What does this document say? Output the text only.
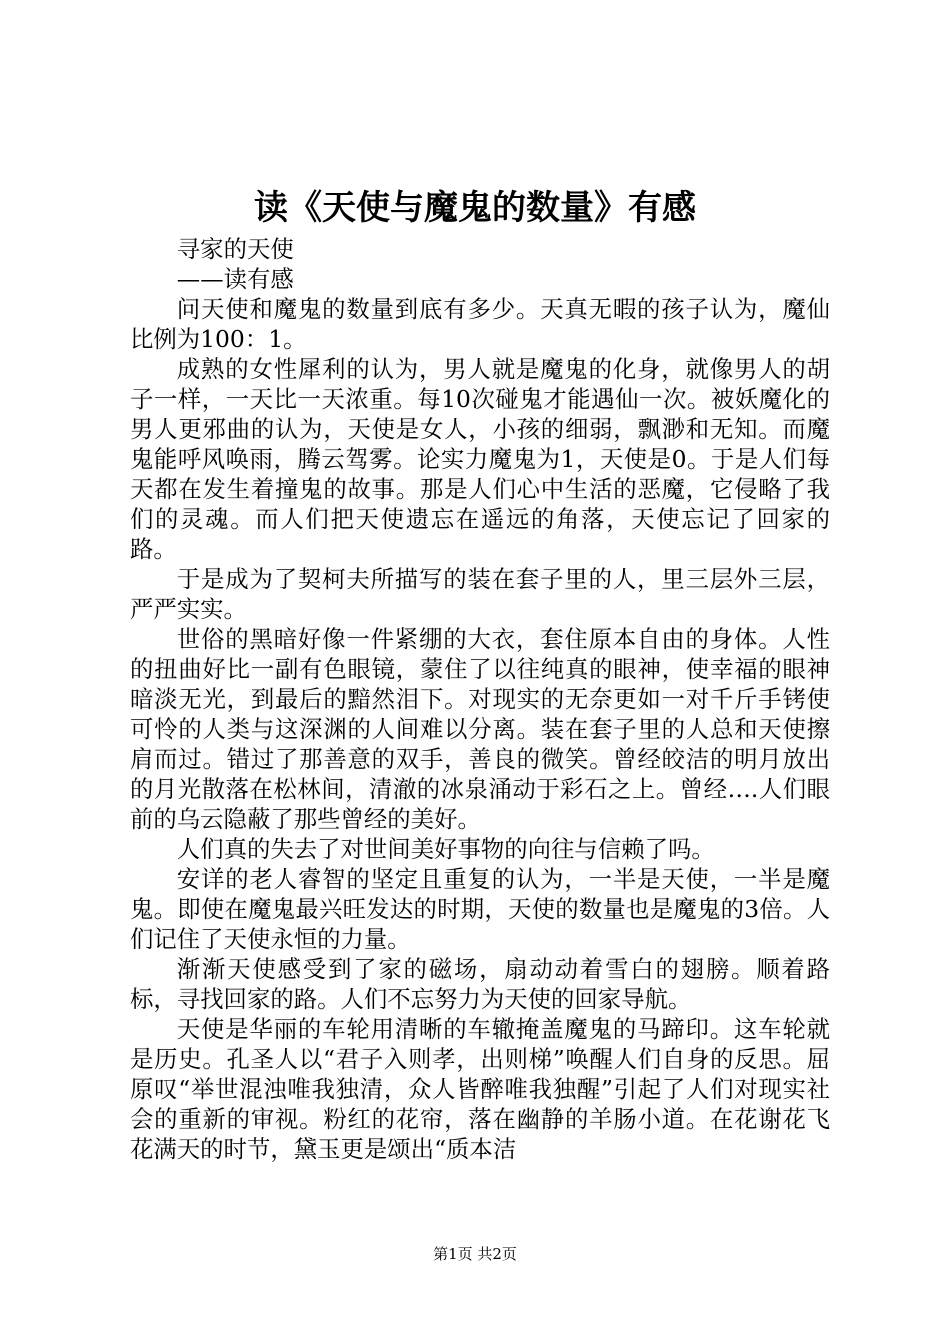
读《天使与魔鬼的数量》有感

寻家的天使

——读有感

问天使和魔鬼的数量到底有多少。天真无暇的孩子认为，魔仙比例为100：1。

成熟的女性犀利的认为，男人就是魔鬼的化身，就像男人的胡子一样，一天比一天浓重。每10次碰鬼才能遇仙一次。被妖魔化的男人更邪曲的认为，天使是女人，小孩的细弱，飘渺和无知。而魔鬼能呼风唤雨，腾云驾雾。论实力魔鬼为1，天使是0。于是人们每天都在发生着撞鬼的故事。那是人们心中生活的恶魔，它侵略了我们的灵魂。而人们把天使遗忘在遥远的角落，天使忘记了回家的路。

于是成为了契柯夫所描写的装在套子里的人，里三层外三层，严严实实。

世俗的黑暗好像一件紧绷的大衣，套住原本自由的身体。人性的扭曲好比一副有色眼镜，蒙住了以往纯真的眼神，使幸福的眼神暗淡无光，到最后的黯然泪下。对现实的无奈更如一对千斤手铐使可怜的人类与这深渊的人间难以分离。装在套子里的人总和天使擦肩而过。错过了那善意的双手，善良的微笑。曾经皎洁的明月放出的月光散落在松林间，清澈的冰泉涌动于彩石之上。曾经….人们眼前的乌云隐蔽了那些曾经的美好。

人们真的失去了对世间美好事物的向往与信赖了吗。

安详的老人睿智的坚定且重复的认为，一半是天使，一半是魔鬼。即使在魔鬼最兴旺发达的时期，天使的数量也是魔鬼的3倍。人们记住了天使永恒的力量。

渐渐天使感受到了家的磁场，扇动动着雪白的翅膀。顺着路标，寻找回家的路。人们不忘努力为天使的回家导航。

天使是华丽的车轮用清晰的车辙掩盖魔鬼的马蹄印。这车轮就是历史。孔圣人以“君子入则孝，出则梯”唤醒人们自身的反思。屈原叹“举世混浊唯我独清，众人皆醉唯我独醒”引起了人们对现实社会的重新的审视。粉红的花帘，落在幽静的羊肠小道。在花谢花飞花满天的时节，黛玉更是颂出“质本洁

第1页 共2页
